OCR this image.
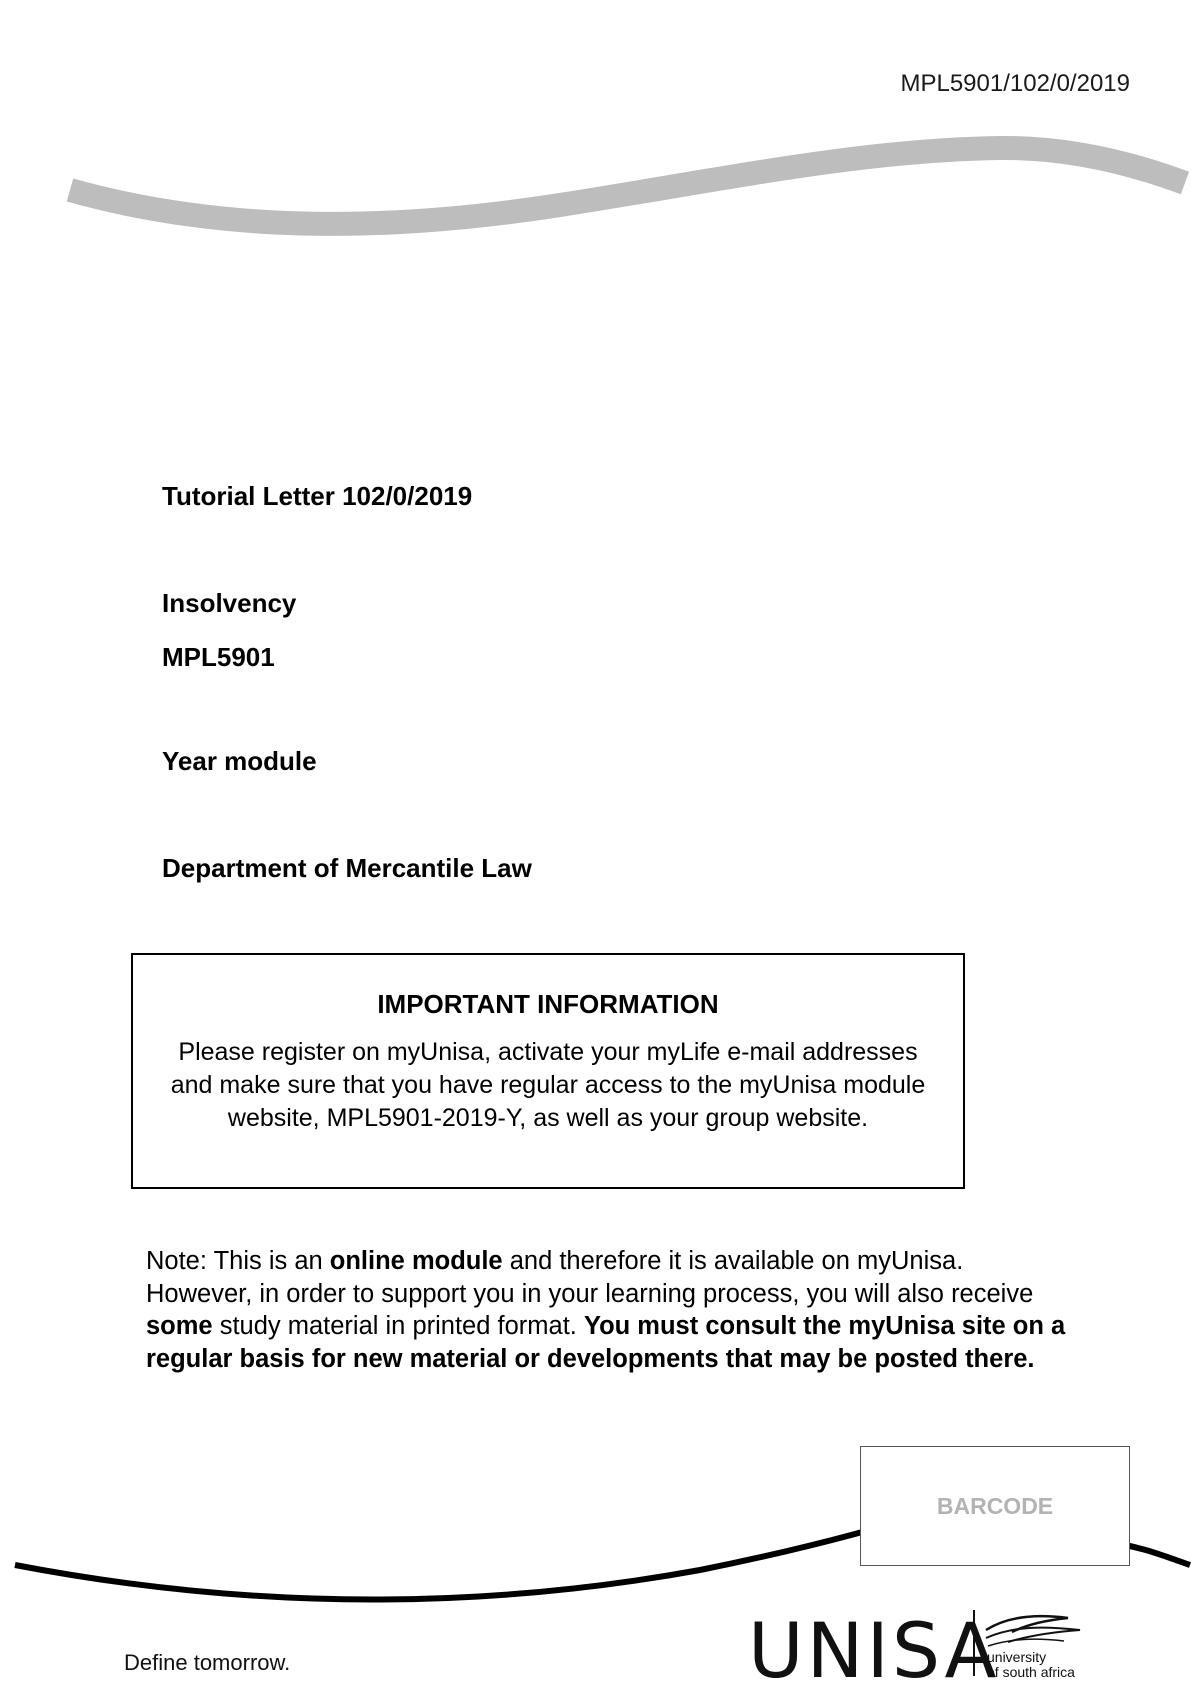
MPL5901/102/0/2019
Tutorial Letter 102/0/2019
Insolvency
MPL5901
Year module
Department of Mercantile Law
IMPORTANT INFORMATION
Please register on myUnisa, activate your myLife e-mail addresses and make sure that you have regular access to the myUnisa module website, MPL5901-2019-Y, as well as your group website.
Note: This is an online module and therefore it is available on myUnisa. However, in order to support you in your learning process, you will also receive some study material in printed format. You must consult the myUnisa site on a regular basis for new material or developments that may be posted there.
BARCODE
Define tomorrow.	UNISA
university
of south africa
